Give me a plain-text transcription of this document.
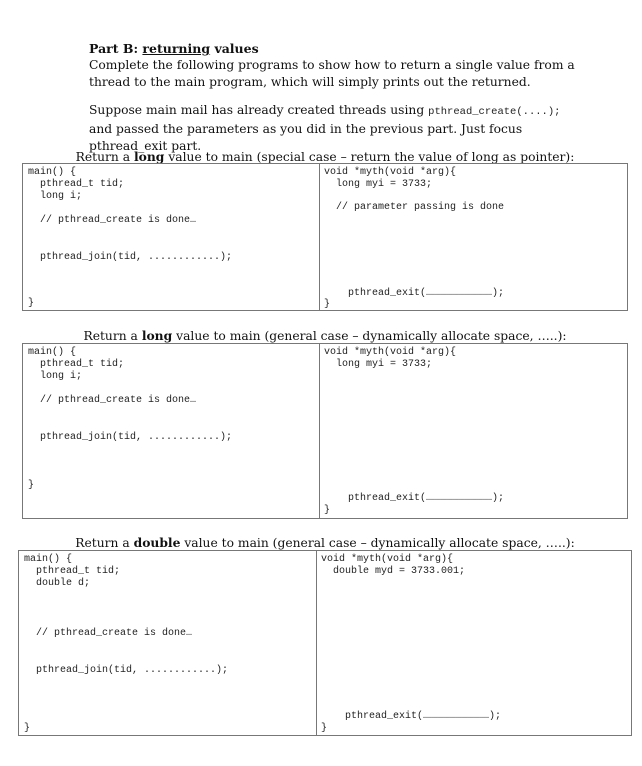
Part B: returning values
Complete the following programs to show how to return a single value from a thread to the main program, which will simply prints out the returned.
Suppose main mail has already created threads using pthread_create(....); and passed the parameters as you did in the previous part. Just focus pthread_exit part.
Return a long value to main (special case – return the value of long as pointer):
main() {
pthread_t tid;
long i;
// pthread_create is done…
pthread_join(tid, ............);
}
void *myth(void *arg){
long myi = 3733;
// parameter passing is done
pthread_exit(……………………………);
}
Return a long value to main (general case – dynamically allocate space, …..):
main() {
pthread_t tid;
long i;
// pthread_create is done…
pthread_join(tid, ............);
}
void *myth(void *arg){
long myi = 3733;
pthread_exit(……………………………);
}
Return a double value to main (general case – dynamically allocate space, …..):
main() {
pthread_t tid;
double d;
// pthread_create is done…
pthread_join(tid, ............);
}
void *myth(void *arg){
double myd = 3733.001;
pthread_exit(……………………………);
}
